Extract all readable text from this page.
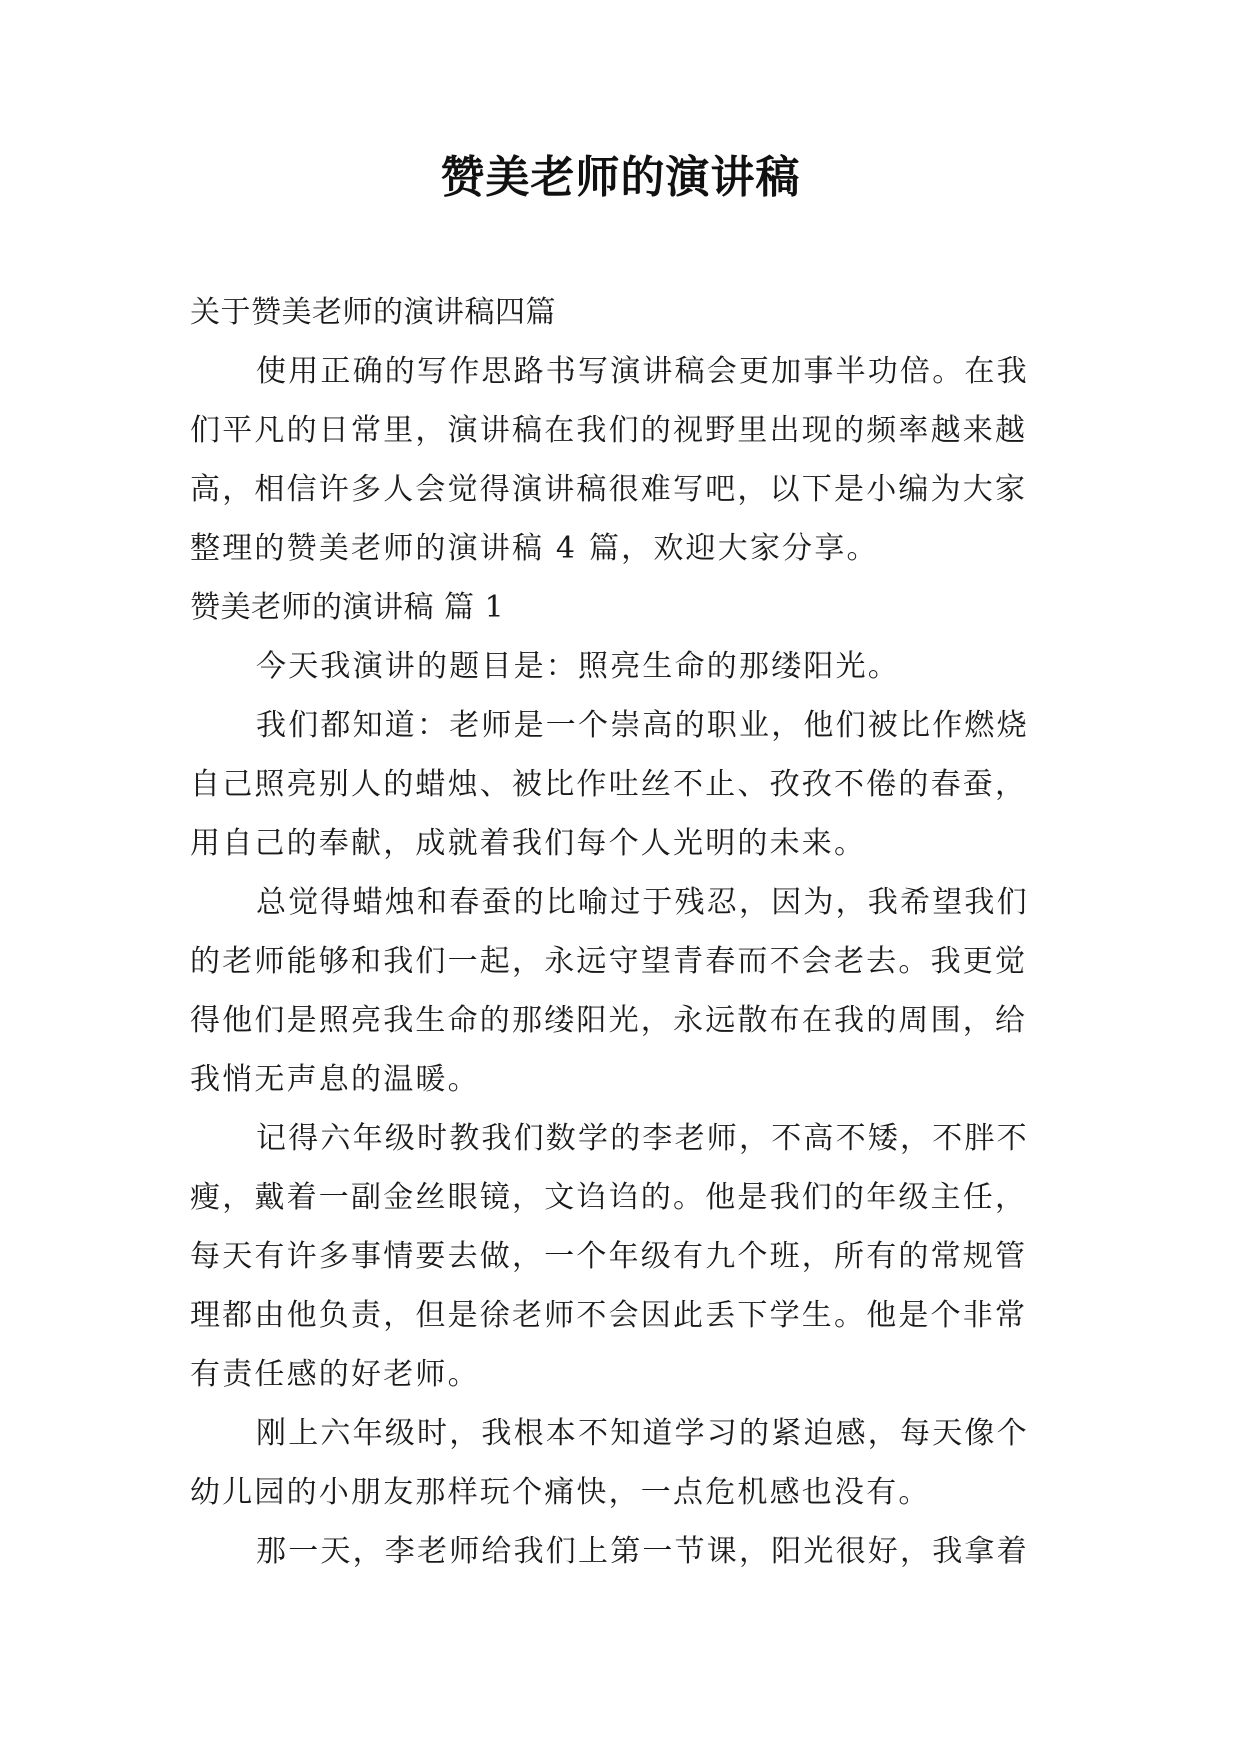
赞美老师的演讲稿
关于赞美老师的演讲稿四篇
使用正确的写作思路书写演讲稿会更加事半功倍。在我
们平凡的日常里，演讲稿在我们的视野里出现的频率越来越
高，相信许多人会觉得演讲稿很难写吧，以下是小编为大家
整理的赞美老师的演讲稿 4 篇，欢迎大家分享。
赞美老师的演讲稿 篇 1
今天我演讲的题目是：照亮生命的那缕阳光。
我们都知道：老师是一个崇高的职业，他们被比作燃烧
自己照亮别人的蜡烛、被比作吐丝不止、孜孜不倦的春蚕，
用自己的奉献，成就着我们每个人光明的未来。
总觉得蜡烛和春蚕的比喻过于残忍，因为，我希望我们
的老师能够和我们一起，永远守望青春而不会老去。我更觉
得他们是照亮我生命的那缕阳光，永远散布在我的周围，给
我悄无声息的温暖。
记得六年级时教我们数学的李老师，不高不矮，不胖不
瘦，戴着一副金丝眼镜，文诌诌的。他是我们的年级主任，
每天有许多事情要去做，一个年级有九个班，所有的常规管
理都由他负责，但是徐老师不会因此丢下学生。他是个非常
有责任感的好老师。
刚上六年级时，我根本不知道学习的紧迫感，每天像个
幼儿园的小朋友那样玩个痛快，一点危机感也没有。
那一天，李老师给我们上第一节课，阳光很好，我拿着
